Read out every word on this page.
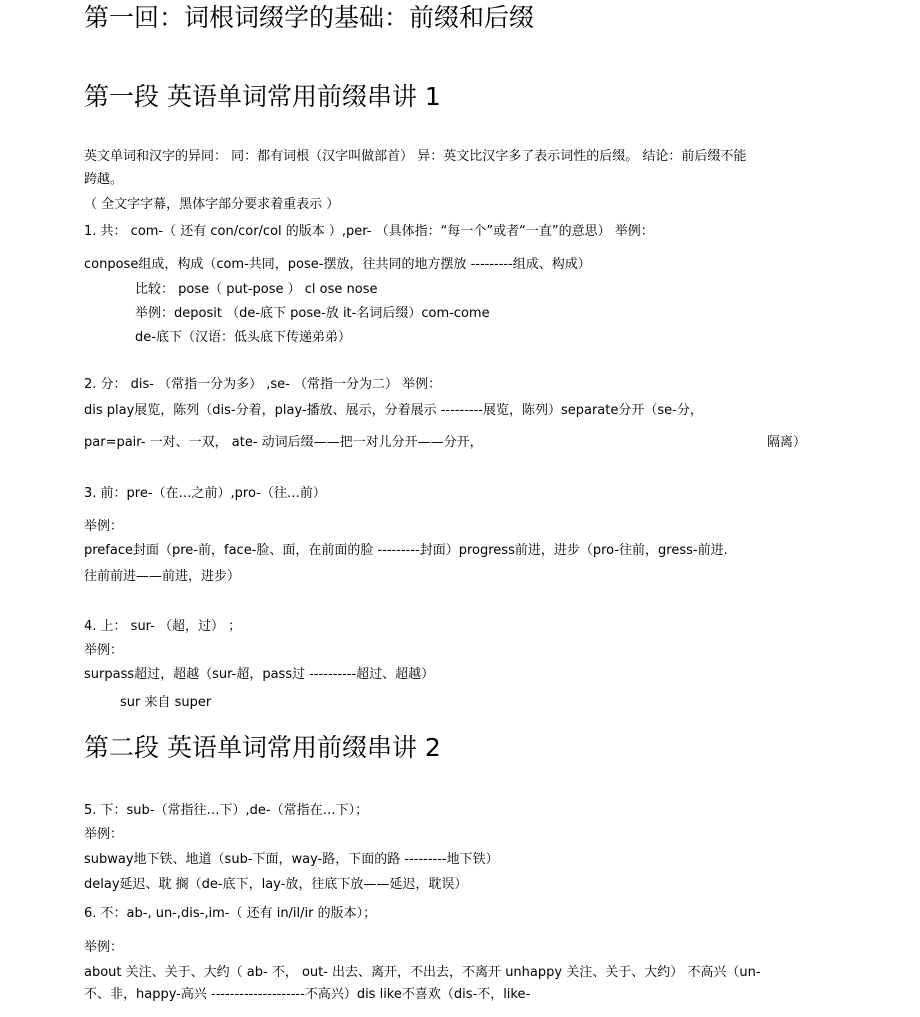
第一回：词根词缀学的基础：前缀和后缀
第一段 英语单词常用前缀串讲 1
英文单词和汉字的异同： 同：都有词根（汉字叫做部首） 异：英文比汉字多了表示词性的后缀。 结论：前后缀不能
跨越。
（ 全文字字幕，黑体字部分要求着重表示 ）
1. 共： com-（ 还有 con/cor/col 的版本 ）,per- （具体指：“每一个”或者“一直”的意思） 举例：
conpose组成，构成（com-共同，pose-摆放，往共同的地方摆放 ---------组成、构成）
比较： pose（ put-pose ） cl ose nose
举例：deposit （de-底下 pose-放 it-名词后缀）com-come
de-底下（汉语：低头底下传递弟弟）
2. 分： dis- （常指一分为多） ,se- （常指一分为二） 举例：
dis play展览，陈列（dis-分着，play-播放、展示，分着展示 ---------展览，陈列）separate分开（se-分，
par=pair- 一对、一双， ate- 动词后缀——把一对儿分开——分开，	隔离）
3. 前：pre-（在…之前）,pro-（往…前）
举例：
preface封面（pre-前，face-脸、面，在前面的脸 ---------封面）progress前进，进步（pro-往前，gress-前进.
往前前进——前进，进步）
4. 上： sur- （超，过） ；
举例：
surpass超过，超越（sur-超，pass过 ----------超过、超越）
sur 来自 super
第二段 英语单词常用前缀串讲 2
5. 下：sub-（常指往…下）,de-（常指在…下）；
举例：
subway地下铁、地道（sub-下面，way-路，下面的路 ---------地下铁）
delay延迟、耽 搁（de-底下，lay-放，往底下放——延迟，耽误）
6. 不：ab-, un-,dis-,im-（ 还有 in/il/ir 的版本）；
举例：
about 关注、关于、大约（ ab- 不， out- 出去、离开，不出去，不离开 unhappy 关注、关于、大约） 不高兴（un-
不、非，happy-高兴 --------------------不高兴）dis like不喜欢（dis-不，like-
